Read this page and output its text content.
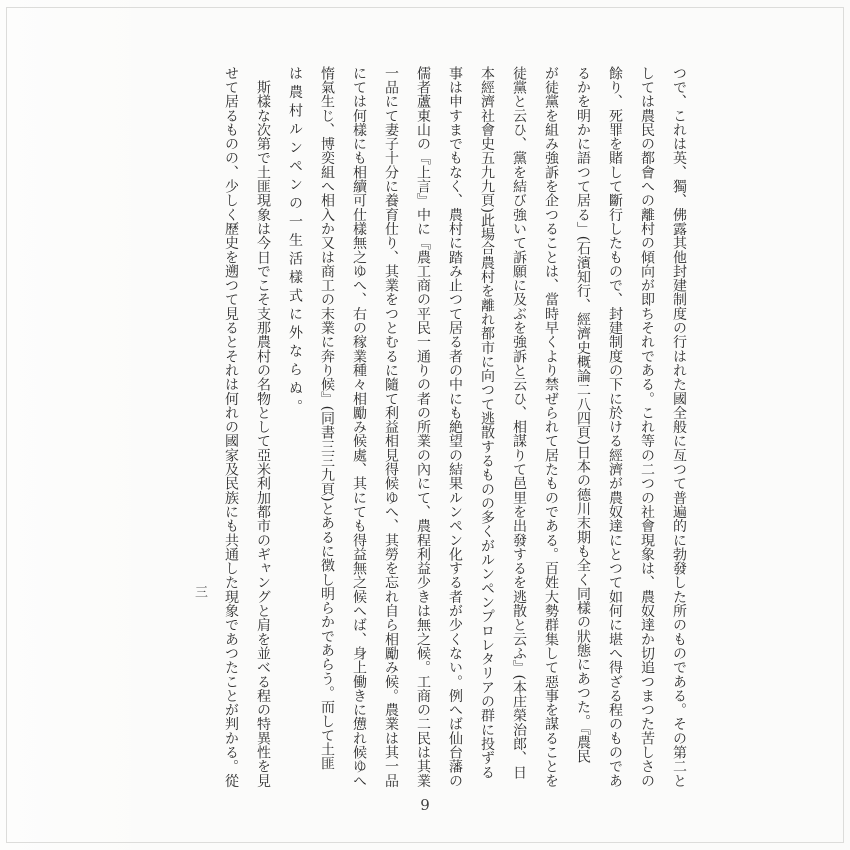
つで、これは英、獨、佛露其他封建制度の行はれた國全般に亙つて普遍的に勃發した所のものである。その第二と
しては農民の都會への離村の傾向が即ちそれである。これ等の二つの社會現象は、農奴達か切追つまつた苦しさの
餘り、死罪を賭して斷行したもので、封建制度の下に於ける經濟が農奴達にとつて如何に堪へ得ざる程のものであ
るかを明かに語つて居る」(石濱知行、經濟史概論二八四頁)日本の德川末期も全く同樣の狀態にあつた。『農民
が徒黨を組み強訴を企つることは、當時早くより禁ぜられて居たものである。百姓大勢群集して惡事を謀ることを
徒黨と云ひ、黨を結び強いて訴願に及ぶを強訴と云ひ、相謀りて邑里を出發するを逃散と云ふ』(本庄榮治郎、日
本經濟社會史五九九頁)此場合農村を離れ都市に向つて逃散するものの多くがルンペンプロレタリアの群に投ずる
事は申すまでもなく、農村に踏み止つて居る者の中にも絶望の結果ルンペン化する者が少くない。例へば仙台藩の
儒者蘆東山の『上言』中に『農工商の平民一通りの者の所業の內にて、農程利益少きは無之候。工商の二民は其業
一品にて妻子十分に養育仕り、其業をつとむるに隨て利益相見得候ゆへ、其勞を忘れ自ら相勵み候。農業は其一品
にては何樣にも相續可仕樣無之ゆへ、右の稼業種々相勵み候處、其にても得益無之候へば、身上働きに憊れ候ゆへ
惰氣生じ、博奕組へ相入か又は商工の末業に奔り候』(同書三三九頁)とあるに徴し明らかであらう。而して土匪
は農村ルンペンの一生活樣式に外ならぬ。
　斯樣な次第で土匪現象は今日でこそ支那農村の名物として亞米利加都市のギャングと肩を並べる程の特異性を見
せて居るものの、少しく歷史を遡つて見るとそれは何れの國家及民族にも共通した現象であつたことが判かる。從
三
9
